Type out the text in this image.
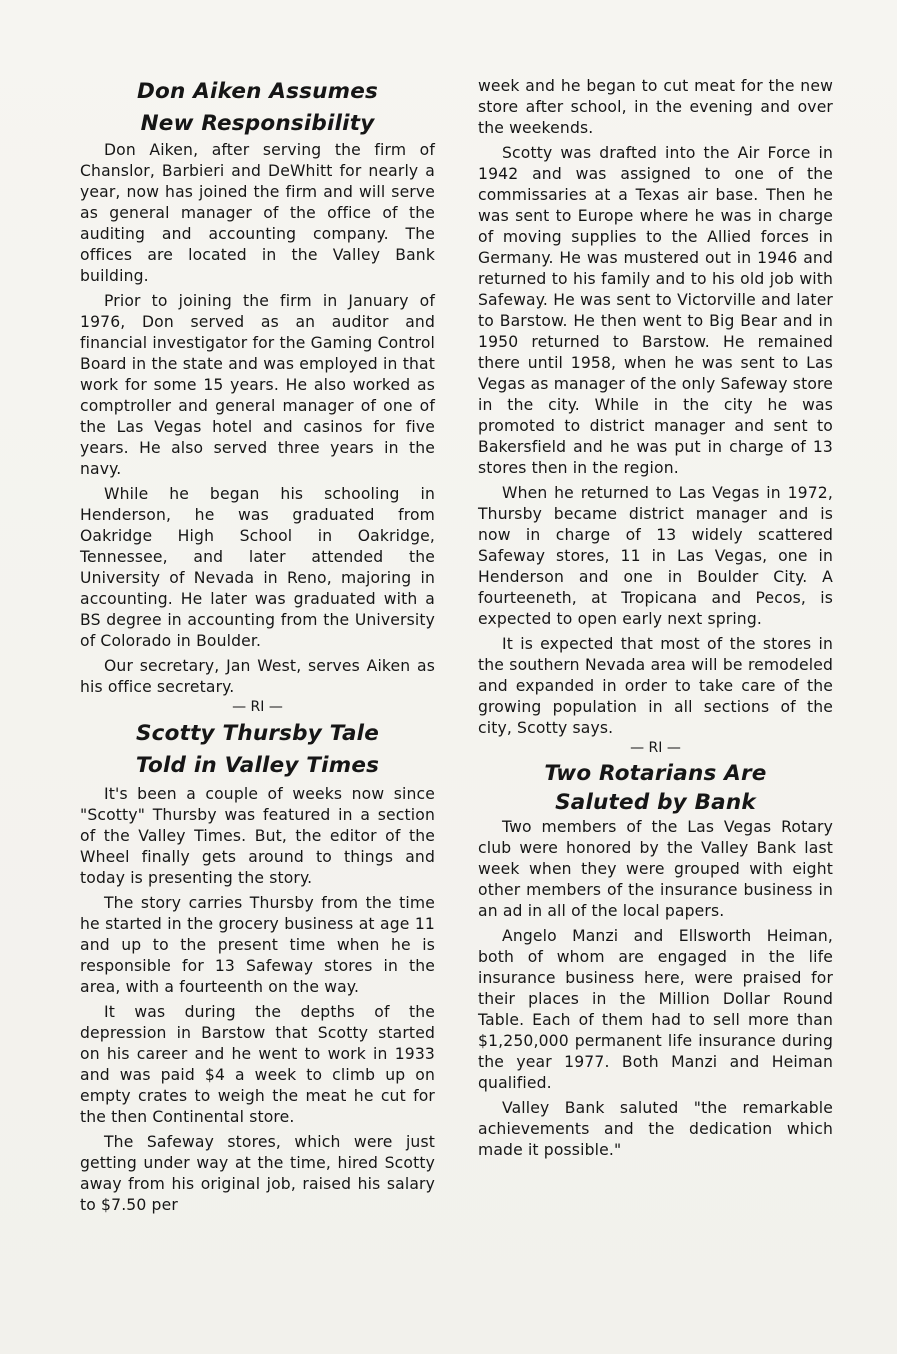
Don Aiken Assumes
New Responsibility

Don Aiken, after serving the firm of Chanslor, Barbieri and DeWhitt for nearly a year, now has joined the firm and will serve as general manager of the office of the auditing and accounting company. The offices are located in the Valley Bank building.

Prior to joining the firm in January of 1976, Don served as an auditor and financial investigator for the Gaming Control Board in the state and was employed in that work for some 15 years. He also worked as comptroller and general manager of one of the Las Vegas hotel and casinos for five years. He also served three years in the navy.

While he began his schooling in Henderson, he was graduated from Oakridge High School in Oakridge, Tennessee, and later attended the University of Nevada in Reno, majoring in accounting. He later was graduated with a BS degree in accounting from the University of Colorado in Boulder.

Our secretary, Jan West, serves Aiken as his office secretary.

— RI —
Scotty Thursby Tale
Told in Valley Times

It's been a couple of weeks now since "Scotty" Thursby was featured in a section of the Valley Times. But, the editor of the Wheel finally gets around to things and today is presenting the story.

The story carries Thursby from the time he started in the grocery business at age 11 and up to the present time when he is responsible for 13 Safeway stores in the area, with a fourteenth on the way.

It was during the depths of the depression in Barstow that Scotty started on his career and he went to work in 1933 and was paid $4 a week to climb up on empty crates to weigh the meat he cut for the then Continental store.

The Safeway stores, which were just getting under way at the time, hired Scotty away from his original job, raised his salary to $7.50 per

week and he began to cut meat for the new store after school, in the evening and over the weekends.

Scotty was drafted into the Air Force in 1942 and was assigned to one of the commissaries at a Texas air base. Then he was sent to Europe where he was in charge of moving supplies to the Allied forces in Germany. He was mustered out in 1946 and returned to his family and to his old job with Safeway. He was sent to Victorville and later to Barstow. He then went to Big Bear and in 1950 returned to Barstow. He remained there until 1958, when he was sent to Las Vegas as manager of the only Safeway store in the city. While in the city he was promoted to district manager and sent to Bakersfield and he was put in charge of 13 stores then in the region.

When he returned to Las Vegas in 1972, Thursby became district manager and is now in charge of 13 widely scattered Safeway stores, 11 in Las Vegas, one in Henderson and one in Boulder City. A fourteeneth, at Tropicana and Pecos, is expected to open early next spring.

It is expected that most of the stores in the southern Nevada area will be remodeled and expanded in order to take care of the growing population in all sections of the city, Scotty says.

— RI —
Two Rotarians Are
Saluted by Bank

Two members of the Las Vegas Rotary club were honored by the Valley Bank last week when they were grouped with eight other members of the insurance business in an ad in all of the local papers.

Angelo Manzi and Ellsworth Heiman, both of whom are engaged in the life insurance business here, were praised for their places in the Million Dollar Round Table. Each of them had to sell more than $1,250,000 permanent life insurance during the year 1977. Both Manzi and Heiman qualified.

Valley Bank saluted "the remarkable achievements and the dedication which made it possible."
